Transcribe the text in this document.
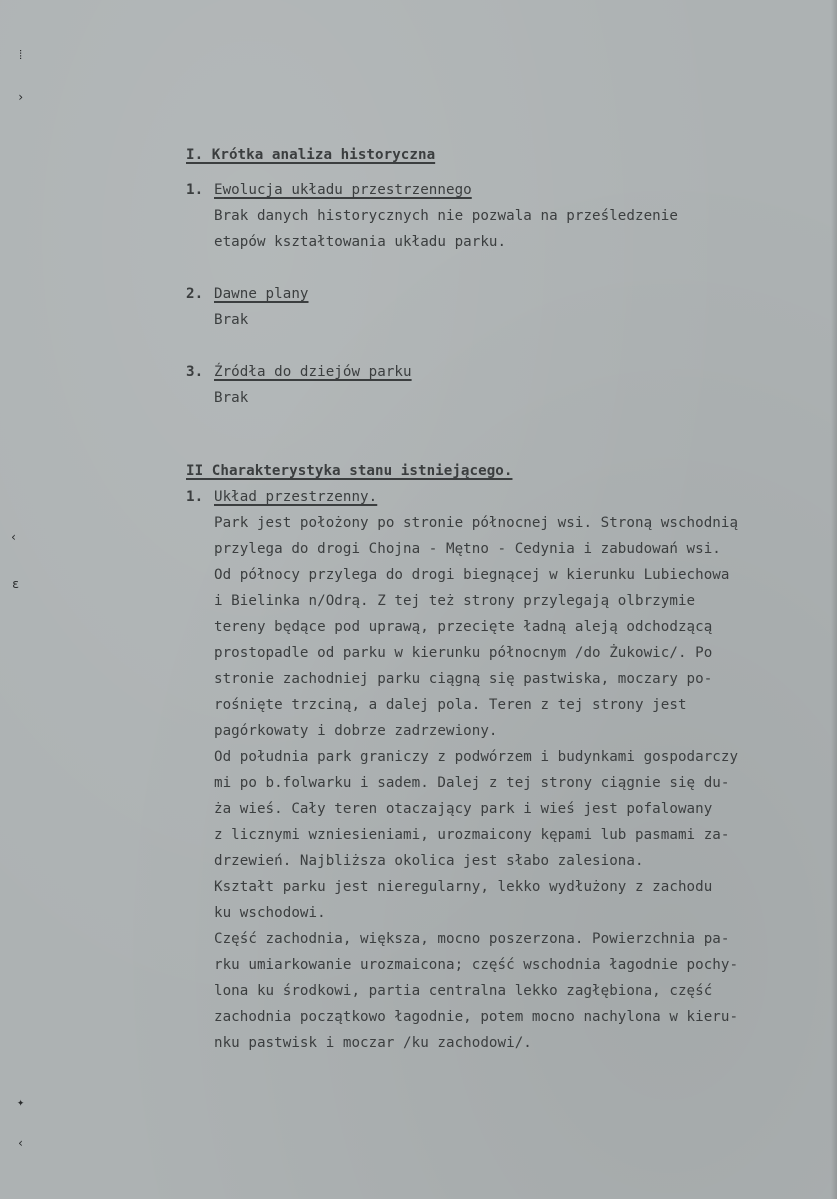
⁞
›
‹
ɛ
✦
‹
I. Krótka analiza historyczna
1. Ewolucja układu przestrzennego
Brak danych historycznych nie pozwala na prześledzenie
etapów kształtowania układu parku.
2. Dawne plany
Brak
3. Źródła do dziejów parku
Brak
II Charakterystyka stanu istniejącego.
1. Układ przestrzenny.
Park jest położony po stronie północnej wsi. Stroną wschodnią
przylega do drogi Chojna - Mętno - Cedynia i zabudowań wsi.
Od północy przylega do drogi biegnącej w kierunku Lubiechowa
i Bielinka n/Odrą. Z tej też strony przylegają olbrzymie
tereny będące pod uprawą, przecięte ładną aleją odchodzącą
prostopadle od parku w kierunku północnym /do Żukowic/. Po
stronie zachodniej parku ciągną się pastwiska, moczary po-
rośnięte trzciną, a dalej pola. Teren z tej strony jest
pagórkowaty i dobrze zadrzewiony.
Od południa park graniczy z podwórzem i budynkami gospodarczy
mi po b.folwarku i sadem. Dalej z tej strony ciągnie się du-
ża wieś. Cały teren otaczający park i wieś jest pofalowany
z licznymi wzniesieniami, urozmaicony kępami lub pasmami za-
drzewień. Najbliższa okolica jest słabo zalesiona.
Kształt parku jest nieregularny, lekko wydłużony z zachodu
ku wschodowi.
Część zachodnia, większa, mocno poszerzona. Powierzchnia pa-
rku umiarkowanie urozmaicona; część wschodnia łagodnie pochy-
lona ku środkowi, partia centralna lekko zagłębiona, część
zachodnia początkowo łagodnie, potem mocno nachylona w kieru-
nku pastwisk i moczar /ku zachodowi/.
